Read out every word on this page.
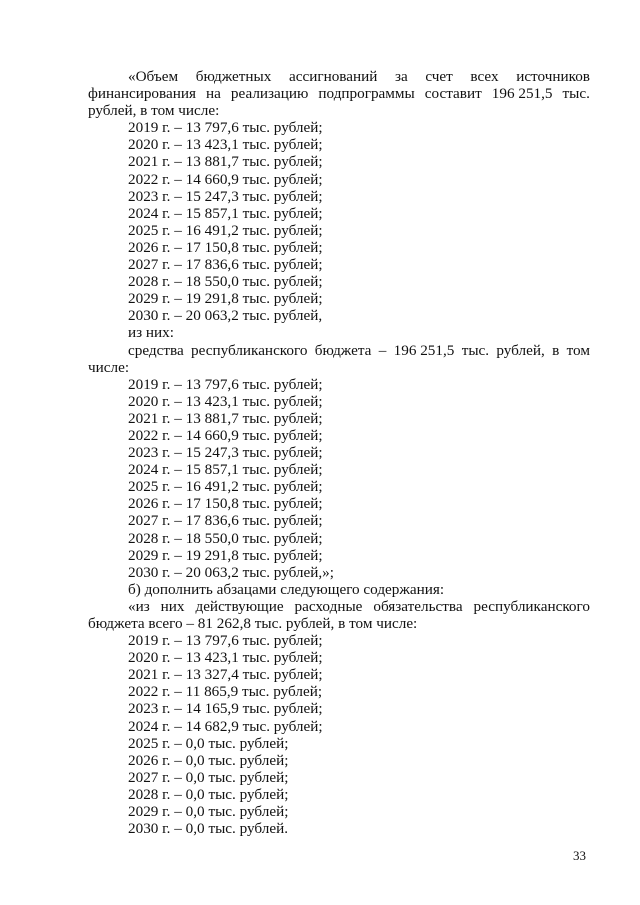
«Объем бюджетных ассигнований за счет всех источников
финансирования на реализацию подпрограммы составит 196 251,5 тыс.
рублей, в том числе:
2019 г. – 13 797,6 тыс. рублей;
2020 г. – 13 423,1 тыс. рублей;
2021 г. – 13 881,7 тыс. рублей;
2022 г. – 14 660,9 тыс. рублей;
2023 г. – 15 247,3 тыс. рублей;
2024 г. – 15 857,1 тыс. рублей;
2025 г. – 16 491,2 тыс. рублей;
2026 г. – 17 150,8 тыс. рублей;
2027 г. – 17 836,6 тыс. рублей;
2028 г. – 18 550,0 тыс. рублей;
2029 г. – 19 291,8 тыс. рублей;
2030 г. – 20 063,2 тыс. рублей,
из них:
средства республиканского бюджета – 196 251,5 тыс. рублей, в том
числе:
2019 г. – 13 797,6 тыс. рублей;
2020 г. – 13 423,1 тыс. рублей;
2021 г. – 13 881,7 тыс. рублей;
2022 г. – 14 660,9 тыс. рублей;
2023 г. – 15 247,3 тыс. рублей;
2024 г. – 15 857,1 тыс. рублей;
2025 г. – 16 491,2 тыс. рублей;
2026 г. – 17 150,8 тыс. рублей;
2027 г. – 17 836,6 тыс. рублей;
2028 г. – 18 550,0 тыс. рублей;
2029 г. – 19 291,8 тыс. рублей;
2030 г. – 20 063,2 тыс. рублей,»;
б) дополнить абзацами следующего содержания:
«из них действующие расходные обязательства республиканского
бюджета всего – 81 262,8 тыс. рублей, в том числе:
2019 г. – 13 797,6 тыс. рублей;
2020 г. – 13 423,1 тыс. рублей;
2021 г. – 13 327,4 тыс. рублей;
2022 г. – 11 865,9 тыс. рублей;
2023 г. – 14 165,9 тыс. рублей;
2024 г. – 14 682,9 тыс. рублей;
2025 г. – 0,0 тыс. рублей;
2026 г. – 0,0 тыс. рублей;
2027 г. – 0,0 тыс. рублей;
2028 г. – 0,0 тыс. рублей;
2029 г. – 0,0 тыс. рублей;
2030 г. – 0,0 тыс. рублей.
33
